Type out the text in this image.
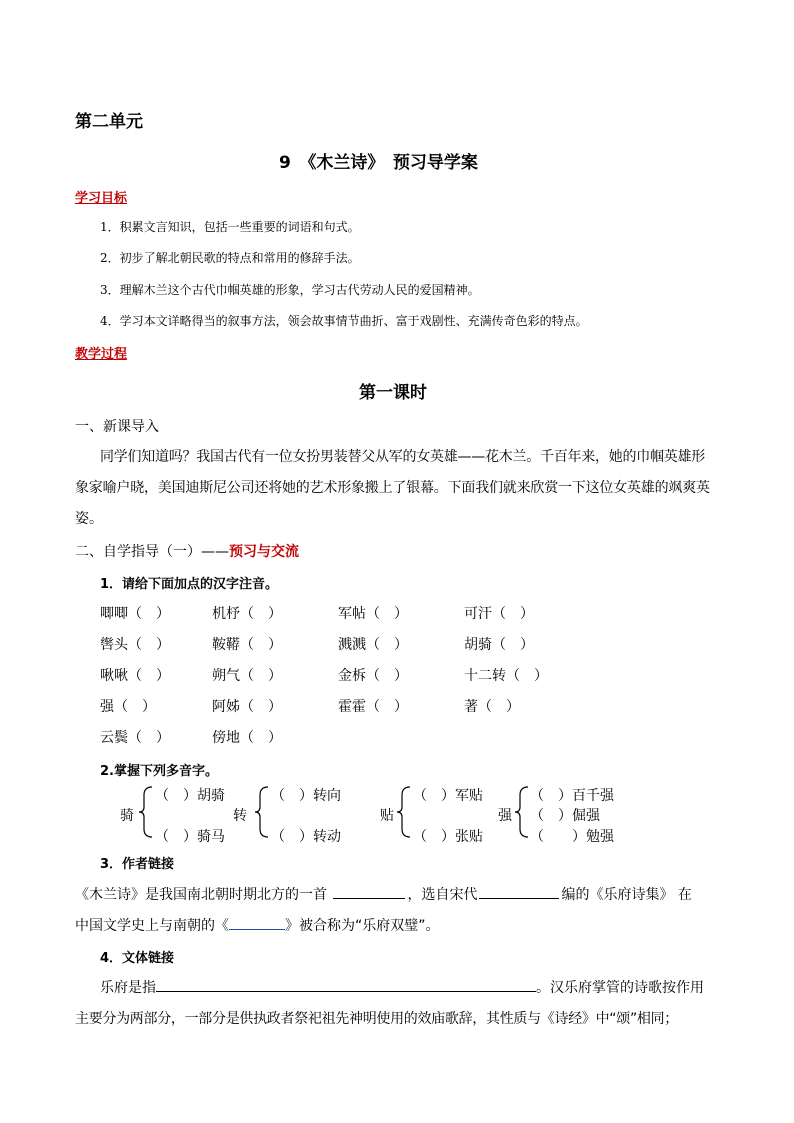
第二单元
9　《木兰诗》　预习导学案
学习目标
1．积累文言知识，包括一些重要的词语和句式。
2．初步了解北朝民歌的特点和常用的修辞手法。
3．理解木兰这个古代巾帼英雄的形象，学习古代劳动人民的爱国精神。
4．学习本文详略得当的叙事方法，领会故事情节曲折、富于戏剧性、充满传奇色彩的特点。
教学过程
第一课时
一、新课导入
同学们知道吗？我国古代有一位女扮男装替父从军的女英雄——花木兰。千百年来，她的巾帼英雄形
象家喻户晓，美国迪斯尼公司还将她的艺术形象搬上了银幕。下面我们就来欣赏一下这位女英雄的飒爽英
姿。
二、自学指导（一）——预习与交流
1．请给下面加点的汉字注音。
唧唧（　）	机杼（　）	军帖（　）	可汗（　）
辔头（　）	鞍鞯（　）	溅溅（　）	胡骑（　）
啾啾（　）	朔气（　）	金柝（　）	十二转（　）
强（　）	阿姊（　）	霍霍（　）	著（　）
云鬓（　）	傍地（　）
2.掌握下列多音字。
骑
（　）胡骑
（　）骑马
转
（　）转向
（　）转动
贴
（　）军贴
（　）张贴
强
（　）百千强
（　）倔强
（　　）勉强
3．作者链接
《木兰诗》是我国南北朝时期北方的一首	，选自宋代	编的《乐府诗集》 在
中国文学史上与南朝的《	》被合称为“乐府双璧”。
4．文体链接
乐府是指	。汉乐府掌管的诗歌按作用
主要分为两部分，一部分是供执政者祭祀祖先神明使用的效庙歌辞，其性质与《诗经》中“颂”相同；
